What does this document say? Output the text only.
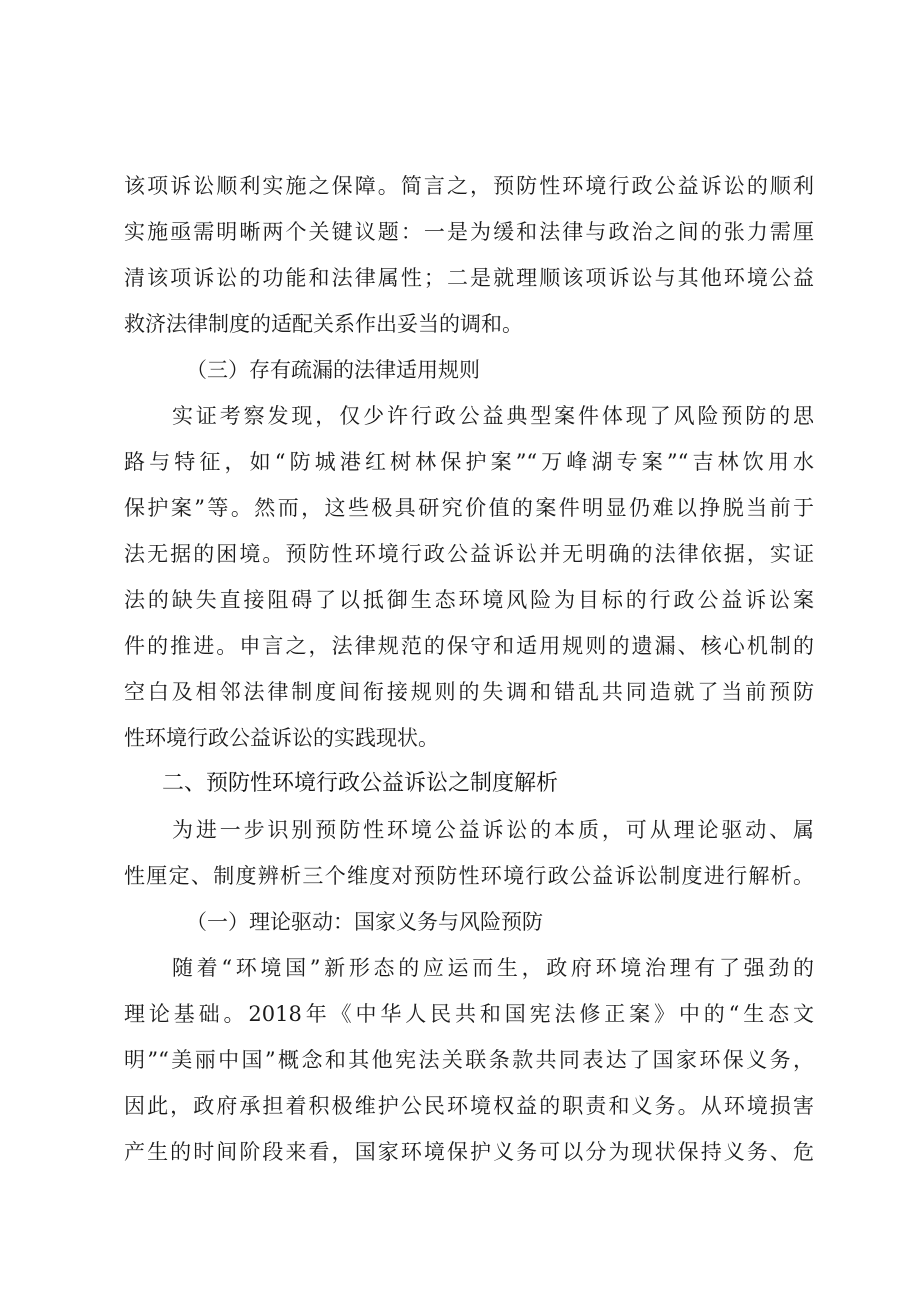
该项诉讼顺利实施之保障。简言之，预防性环境行政公益诉讼的顺利
实施亟需明晰两个关键议题：一是为缓和法律与政治之间的张力需厘
清该项诉讼的功能和法律属性；二是就理顺该项诉讼与其他环境公益
救济法律制度的适配关系作出妥当的调和。
（三）存有疏漏的法律适用规则
实证考察发现，仅少许行政公益典型案件体现了风险预防的思
路与特征，如“防城港红树林保护案”“万峰湖专案”“吉林饮用水
保护案”等。然而，这些极具研究价值的案件明显仍难以挣脱当前于
法无据的困境。预防性环境行政公益诉讼并无明确的法律依据，实证
法的缺失直接阻碍了以抵御生态环境风险为目标的行政公益诉讼案
件的推进。申言之，法律规范的保守和适用规则的遗漏、核心机制的
空白及相邻法律制度间衔接规则的失调和错乱共同造就了当前预防
性环境行政公益诉讼的实践现状。
二、预防性环境行政公益诉讼之制度解析
为进一步识别预防性环境公益诉讼的本质，可从理论驱动、属
性厘定、制度辨析三个维度对预防性环境行政公益诉讼制度进行解析。
（一）理论驱动：国家义务与风险预防
随着“环境国”新形态的应运而生，政府环境治理有了强劲的
理论基础。2018年《中华人民共和国宪法修正案》中的“生态文
明”“美丽中国”概念和其他宪法关联条款共同表达了国家环保义务，
因此，政府承担着积极维护公民环境权益的职责和义务。从环境损害
产生的时间阶段来看，国家环境保护义务可以分为现状保持义务、危
